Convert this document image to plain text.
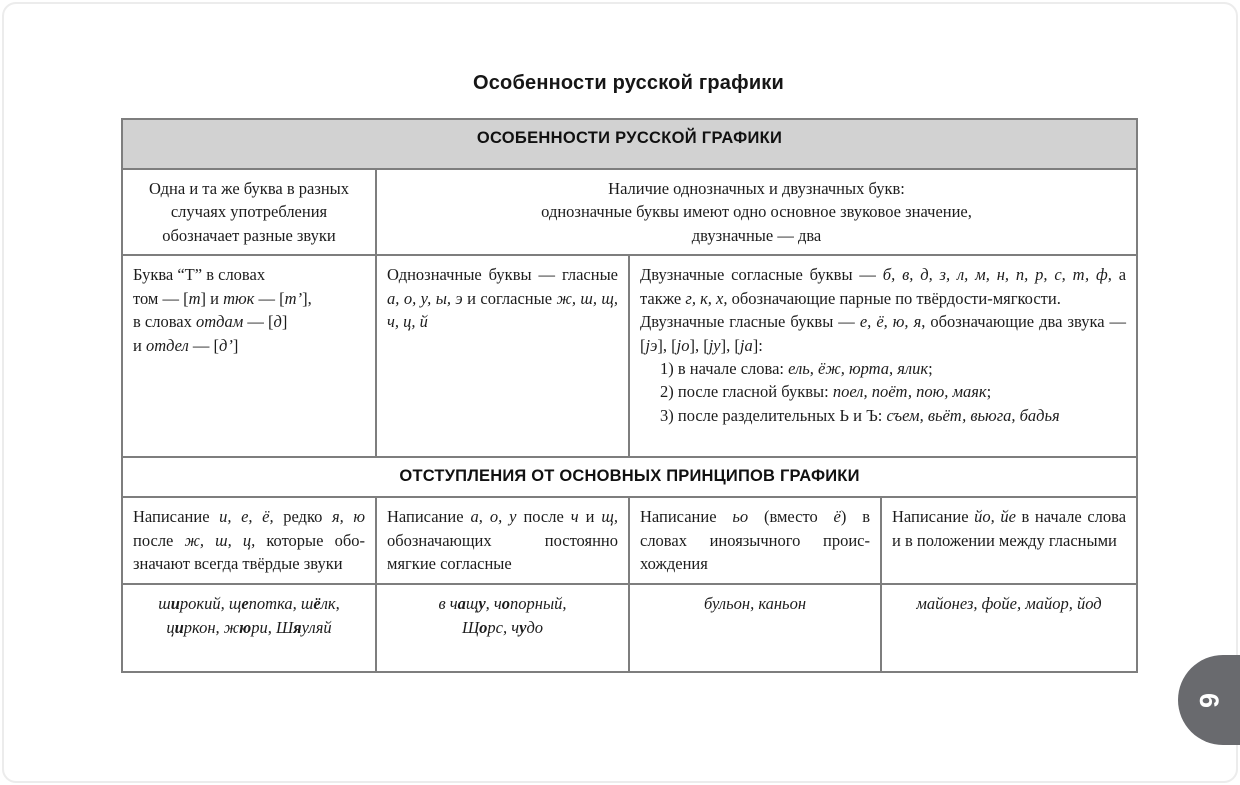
Особенности русской графики
ОСОБЕННОСТИ РУССКОЙ ГРАФИКИ			
Одна и та же буква в разных случаях употребления обозначает разные звуки	Наличие однозначных и двузначных букв:
однозначные буквы имеют одно основное звуковое значение,
двузначные — два		
Буква “Т” в словах
том — [т] и тюк — [т’],
в словах отдам — [д]
и отдел — [д’]	Однозначные буквы — гласные а, о, у, ы, э и согласные ж, ш, щ, ч, ц, й	Двузначные согласные буквы — б, в, д, з, л, м, н, п, р, с, т, ф, а также г, к, х, обозначающие парные по твёрдости-мягкости.
Двузначные гласные буквы — е, ё, ю, я, обозначающие два звука — [jэ], [jо], [jу], [jа]:
1) в начале слова: ель, ёж, юрта, ялик;
2) после гласной буквы: поел, поёт, пою, маяк;
3) после разделительных Ь и Ъ: съем, вьёт, вьюга, бадья

ОТСТУПЛЕНИЯ ОТ ОСНОВНЫХ ПРИНЦИПОВ ГРАФИКИ			
Написание и, е, ё, редко я, ю после ж, ш, ц, которые обозначают всегда твёрдые звуки	Написание а, о, у после ч и щ, обозначающих постоянно мягкие согласные	Написание ьо (вместо ё) в словах иноязычного происхождения	Написание йо, йе в начале слова и в положении между гласными
широкий, щепотка, шёлк,
циркон, жюри, Шяуляй	в чащу, чопорный,
Щорс, чудо	бульон, каньон	майонез, фойе, майор, йод
6
